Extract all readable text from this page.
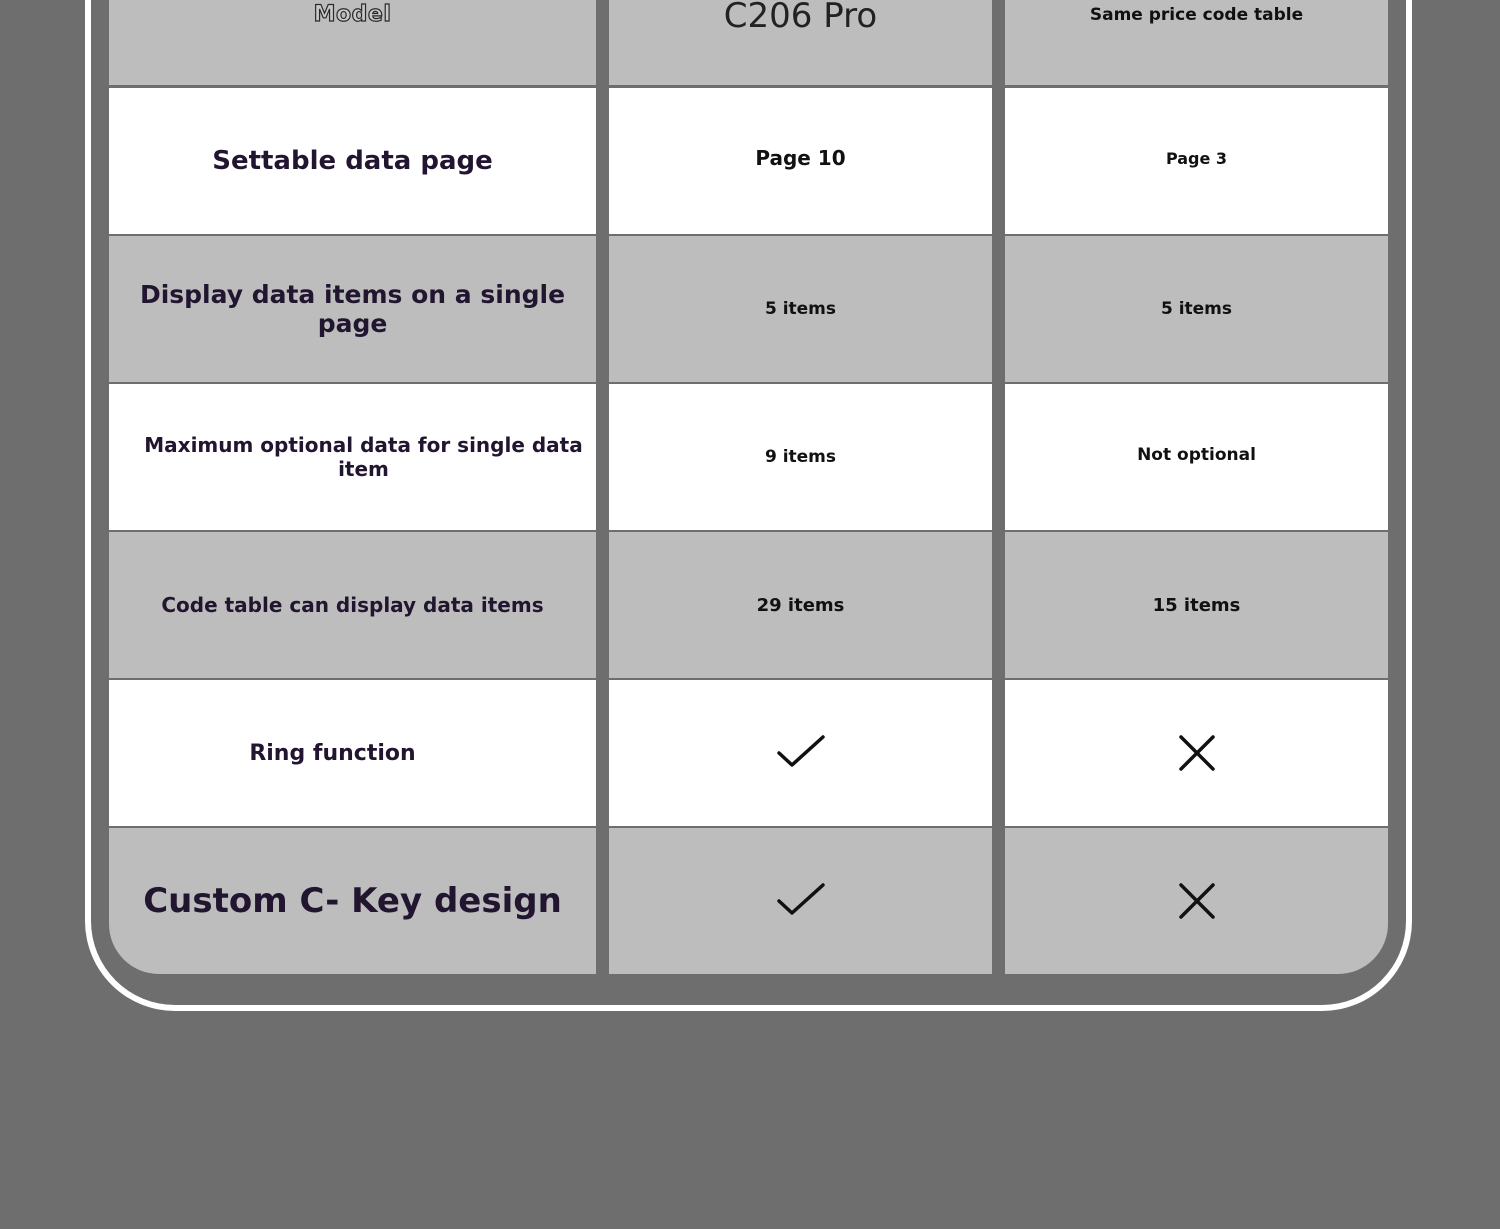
Model
Settable data page
Display data items on a single page
Maximum optional data for single data item
Code table can display data items
Ring function
Custom C- Key design
C206 Pro
Page 10
5 items
9 items
29 items
Same price code table
Page 3
5 items
Not optional
15 items
